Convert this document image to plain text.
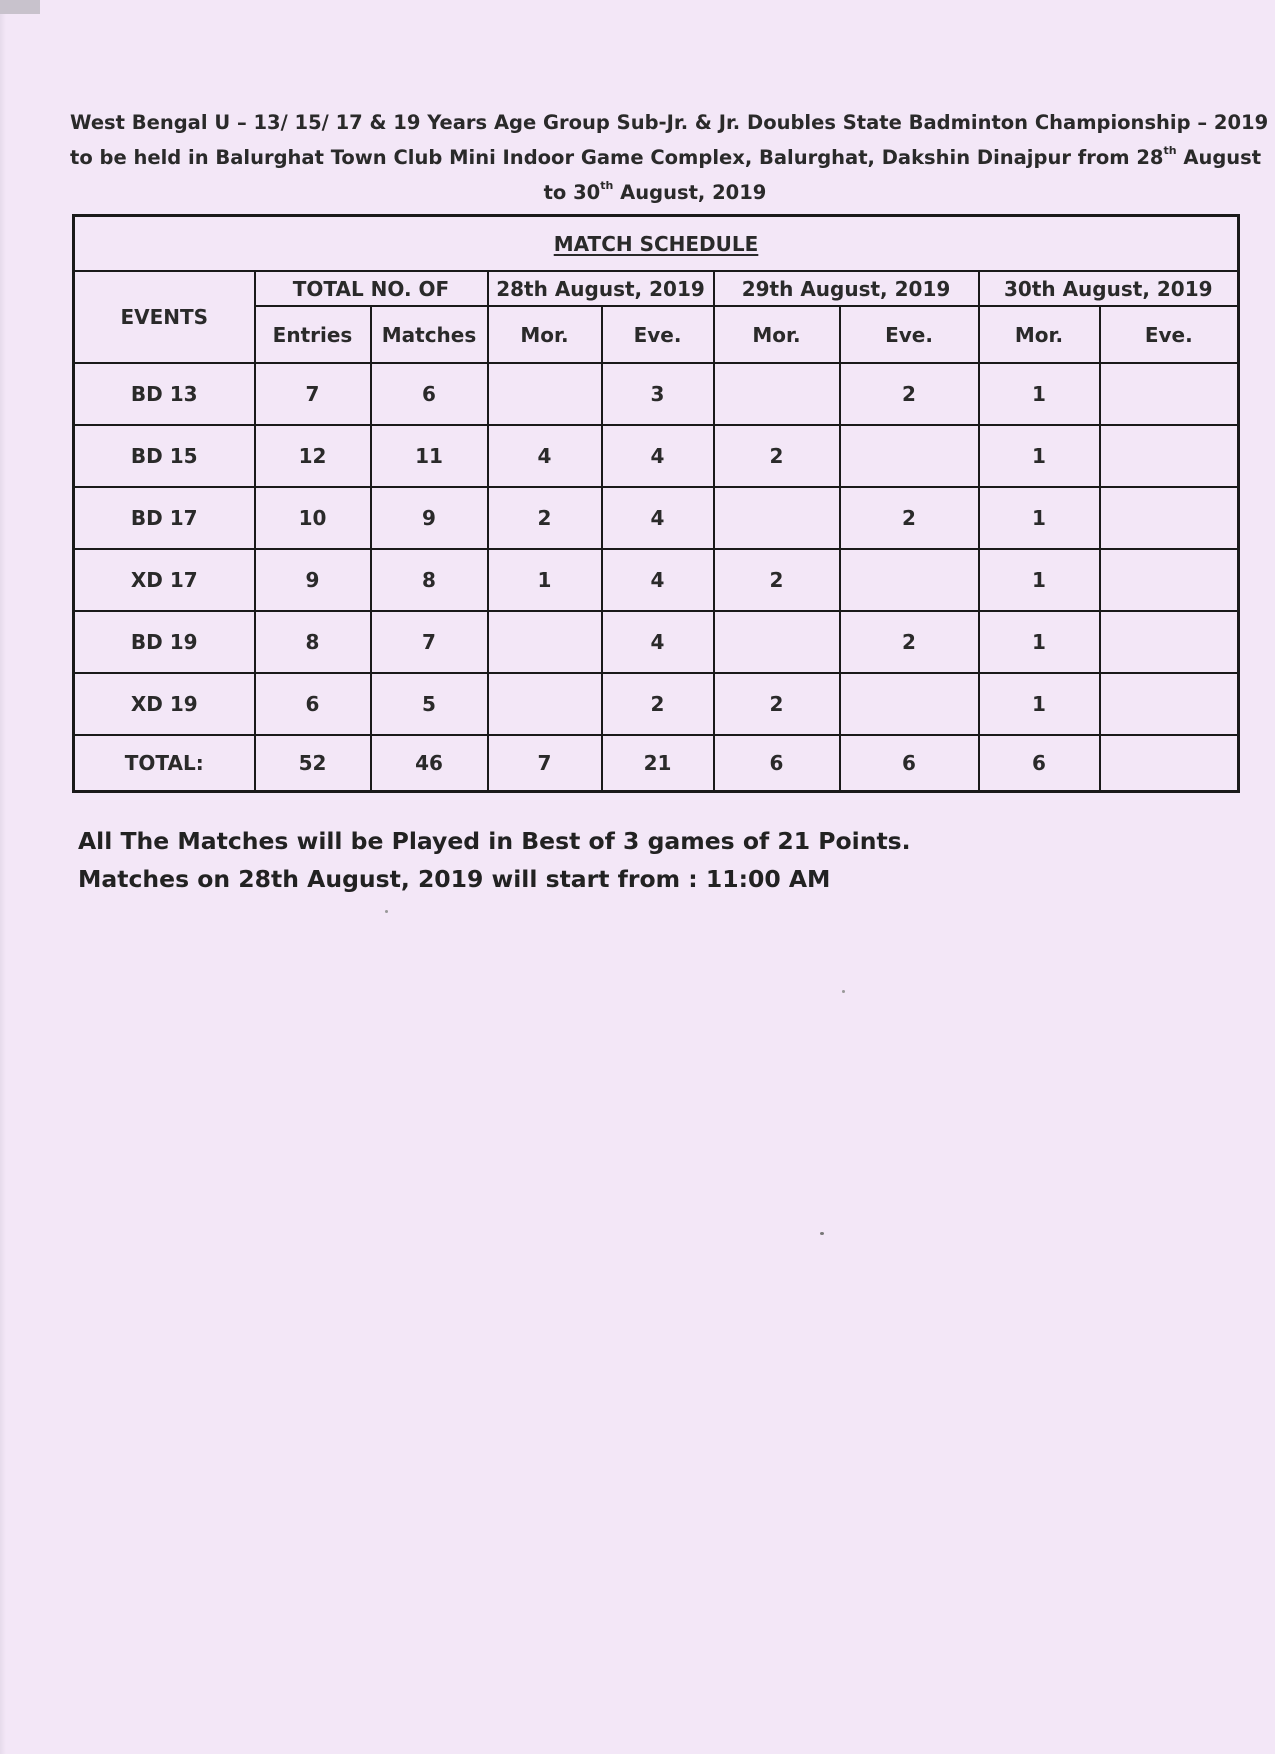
West Bengal U – 13/ 15/ 17 & 19 Years Age Group Sub-Jr. & Jr. Doubles State Badminton Championship – 2019
to be held in Balurghat Town Club Mini Indoor Game Complex, Balurghat, Dakshin Dinajpur from 28th August
to 30th August, 2019
MATCH SCHEDULE								
EVENTS	TOTAL NO. OF		28th August, 2019		29th August, 2019		30th August, 2019	
	Entries	Matches	Mor.	Eve.	Mor.	Eve.	Mor.	Eve.
BD 13	7	6		3		2	1	
BD 15	12	11	4	4	2		1	
BD 17	10	9	2	4		2	1	
XD 17	9	8	1	4	2		1	
BD 19	8	7		4		2	1	
XD 19	6	5		2	2		1	
TOTAL:	52	46	7	21	6	6	6	
All The Matches will be Played in Best of 3 games of 21 Points.
Matches on 28th August, 2019 will start from : 11:00 AM
